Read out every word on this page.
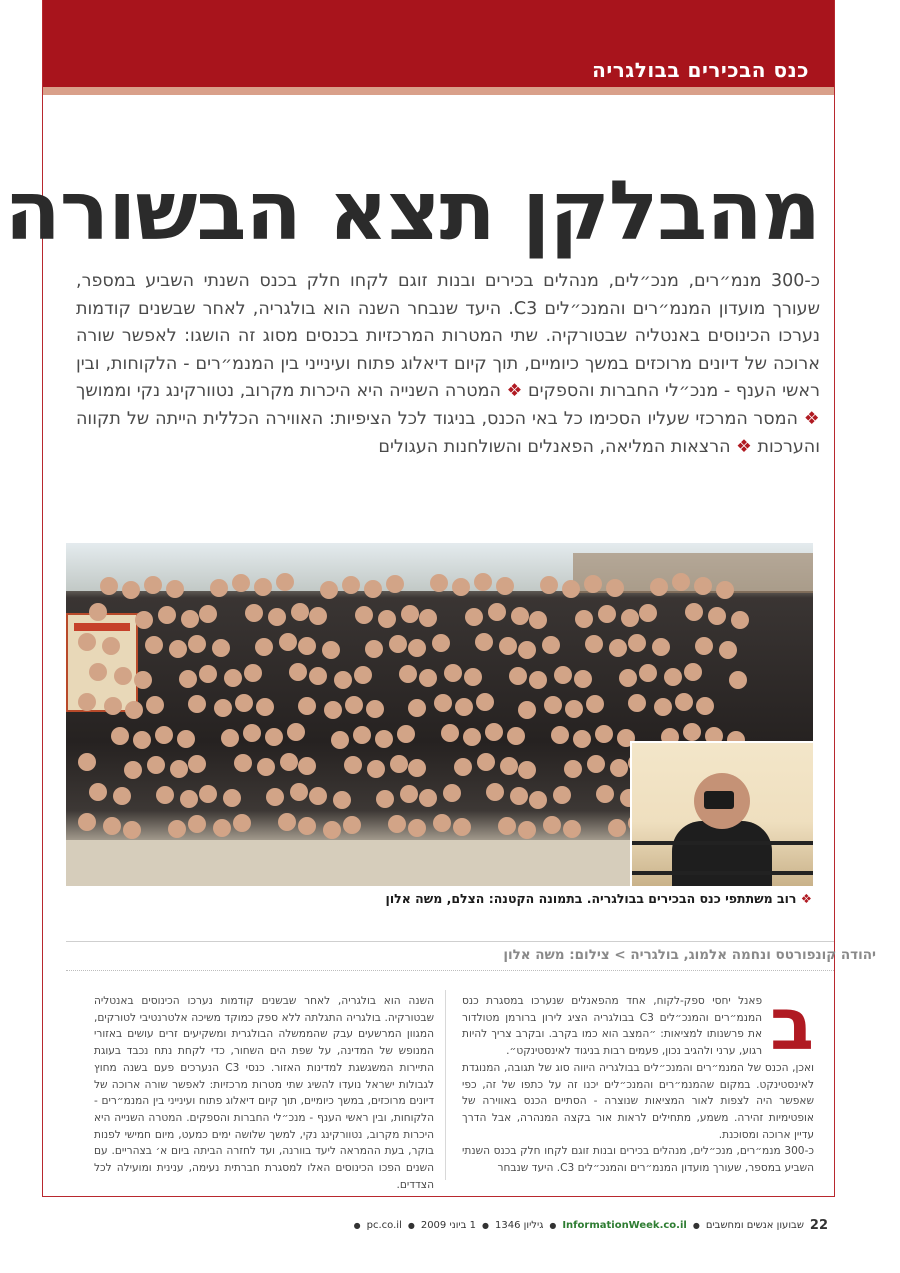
כנס הבכירים בבולגריה
מהבלקן תצא הבשורה
כ-300 מנמ״רים, מנכ״לים, מנהלים בכירים ובנות זוגם לקחו חלק בכנס השנתי השביע במספר, שעורך מועדון המנמ״רים והמנכ״לים C3. היעד שנבחר השנה הוא בולגריה, לאחר שבשנים קודמות נערכו הכינוסים באנטליה שבטורקיה. שתי המטרות המרכזיות בכנסים מסוג זה הושגו: לאפשר שורה ארוכה של דיונים מרוכזים במשך כיומיים, תוך קיום דיאלוג פתוח ועינייני בין המנמ״רים - הלקוחות, ובין ראשי הענף - מנכ״לי החברות והספקים ❖ המטרה השנייה היא היכרות מקרוב, נטוורקינג נקי וממושך ❖ המסר המרכזי שעליו הסכימו כל באי הכנס, בניגוד לכל הציפיות: האווירה הכללית הייתה של תקווה והערכות ❖ הרצאות המליאה, הפאנלים והשולחנות העגולים
❖ רוב משתתפי כנס הבכירים בבולגריה. בתמונה הקטנה: הצלם, משה אלון
יהודה קונפורטס ונחמה אלמוג, בולגריה > צילום: משה אלון
ב
פאנל יחסי ספק-לקוח, אחד מהפאנלים שנערכו במסגרת כנס המנמ״רים והמנכ״לים C3 בבולגריה הציג לירון ברורמן מטולדור את פרשנותו למציאות: ״המצב הוא כמו בקרב. ובקרב צריך להיות רגוע, ערני ולהגיב נכון, פעמים רבות בניגוד לאינסטינקט״.
ואכן, הכנס של המנמ״רים והמנכ״לים בבולגריה היווה סוג של תגובה, המנוגדת לאינסטינקט. במקום שהמנמ״רים והמנכ״לים יכנו זה על כתפו של זה, כפי שאפשר היה לצפות לאור המציאות שנוצרה - הסתיים הכנס באווירה של אופטימיות זהירה. משמע, מתחילים לראות אור בקצה המנהרה, אבל הדרך עדיין ארוכה ומסוכנת.
כ-300 מנמ״רים, מנכ״לים, מנהלים בכירים ובנות זוגם לקחו חלק בכנס השנתי השביע במספר, שעורך מועדון המנמ״רים והמנכ״לים C3. היעד שנבחר
השנה הוא בולגריה, לאחר שבשנים קודמות נערכו הכינוסים באנטליה שבטורקיה. בולגריה התגלתה ללא ספק כמוקד משיכה אלטרנטיבי לטורקים, המגוון המרשעים עבק שהממשלה הבולגרית ומשקיעים זרים עושים באזורי המנופש של המדינה, על שפת הים השחור, כדי לקחת נתח נכבד בעוגת התיירות המשגשגת למדינות האזור. כנסי C3 הנערכים פעם בשנה מחוץ לגבולות ישראל נועדו להשיג שתי מטרות מרכזיות: לאפשר שורה ארוכה של דיונים מרוכזים, במשך כיומיים, תוך קיום דיאלוג פתוח ועינייני בין המנמ״רים - הלקוחות, ובין ראשי הענף - מנכ״לי החברות והספקים. המטרה השנייה היא היכרות מקרוב, נטוורקינג נקי, למשך שלושה ימים כמעט, מיום חמישי לפנות בוקר, בעת ההמראה ליעד בוורנה, ועד לחזרה הביתה ביום א׳ בצהריים. עם השנים הפכו הכינוסים האלו למסגרת חברתית נעימה, ענינית ומועילה לכל הצדדים.
22
שבועון אנשים ומחשבים
●
InformationWeek.co.il
●
גיליון 1346
●
1 ביוני 2009
●
pc.co.il
●
